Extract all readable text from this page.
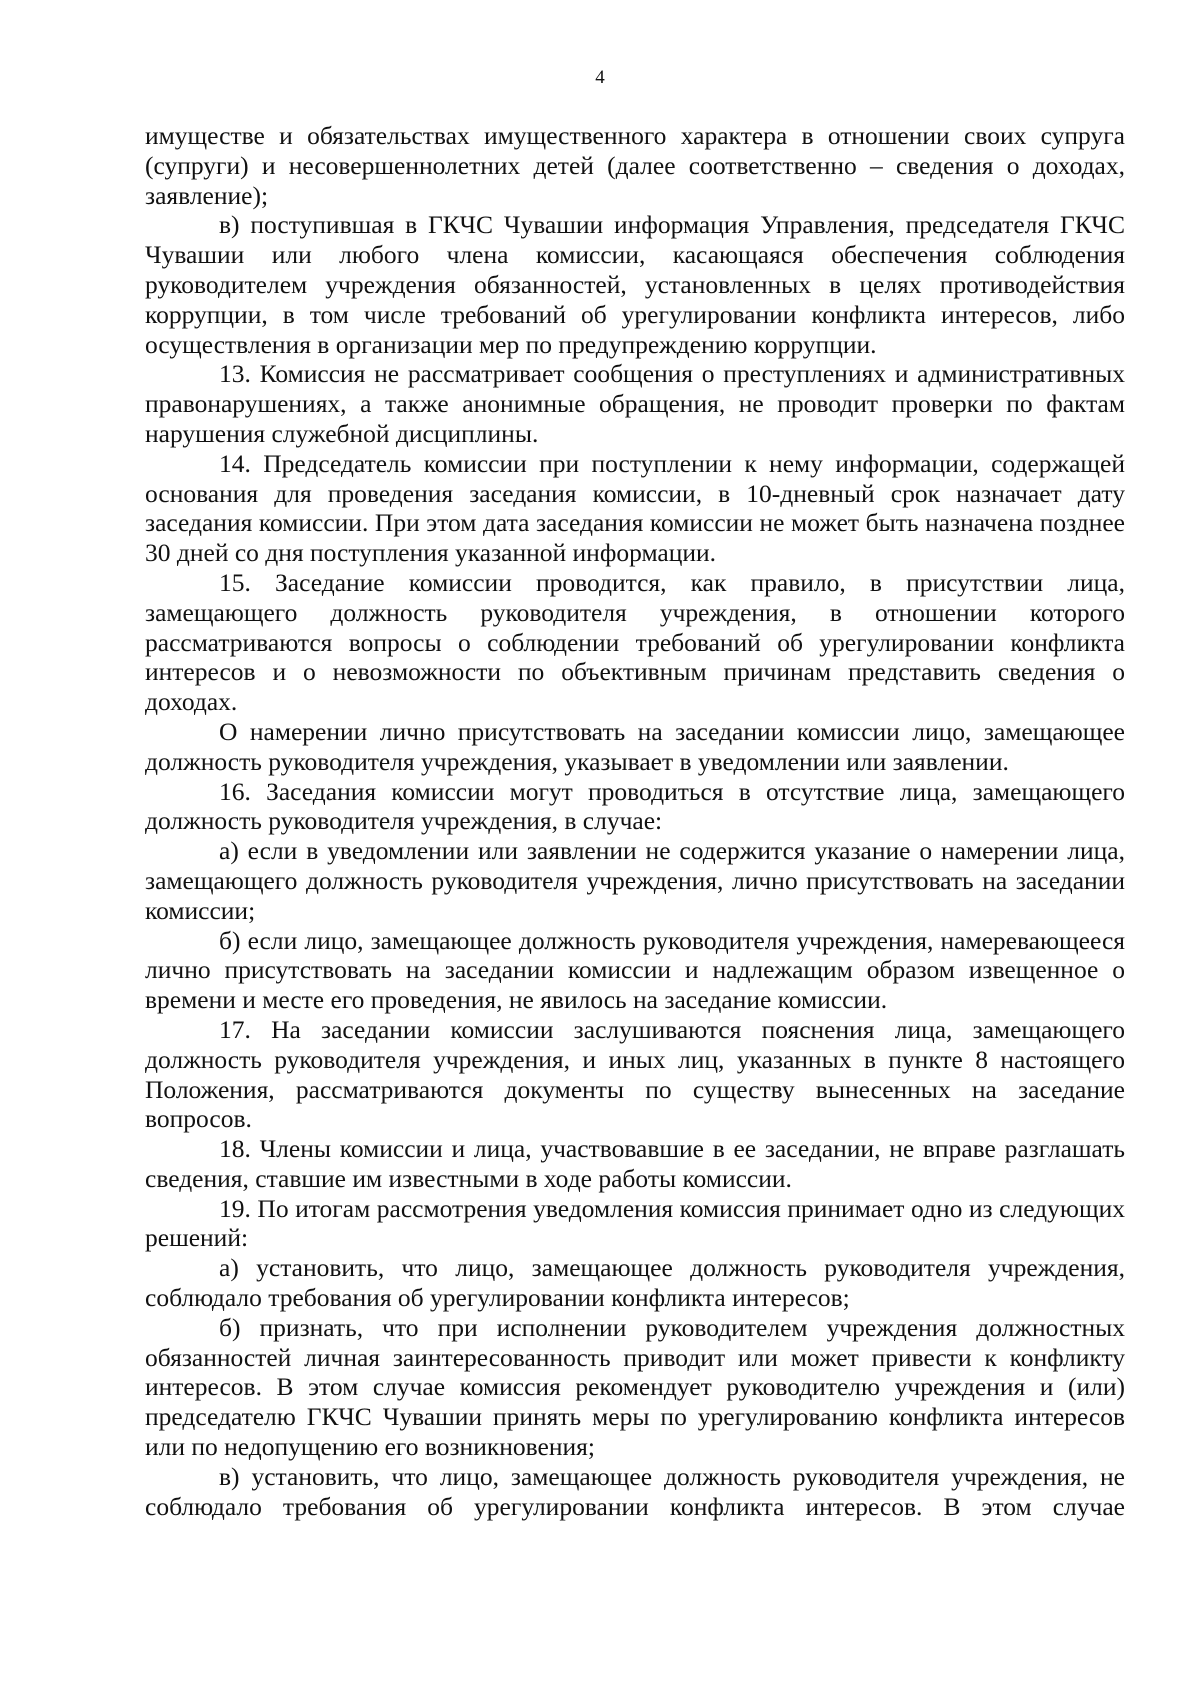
4

имуществе и обязательствах имущественного характера в отношении своих супруга (супруги) и несовершеннолетних детей (далее соответственно – сведения о доходах, заявление);

в) поступившая в ГКЧС Чувашии информация Управления, председателя ГКЧС Чувашии или любого члена комиссии, касающаяся обеспечения соблюдения руководителем учреждения обязанностей, установленных в целях противодействия коррупции, в том числе требований об урегулировании конфликта интересов, либо осуществления в организации мер по предупреждению коррупции.

13. Комиссия не рассматривает сообщения о преступлениях и административных правонарушениях, а также анонимные обращения, не проводит проверки по фактам нарушения служебной дисциплины.

14. Председатель комиссии при поступлении к нему информации, содержащей основания для проведения заседания комиссии, в 10-дневный срок назначает дату заседания комиссии. При этом дата заседания комиссии не может быть назначена позднее 30 дней со дня поступления указанной информации.

15. Заседание комиссии проводится, как правило, в присутствии лица, замещающего должность руководителя учреждения, в отношении которого рассматриваются вопросы о соблюдении требований об урегулировании конфликта интересов и о невозможности по объективным причинам представить сведения о доходах.

О намерении лично присутствовать на заседании комиссии лицо, замещающее должность руководителя учреждения, указывает в уведомлении или заявлении.

16. Заседания комиссии могут проводиться в отсутствие лица, замещающего должность руководителя учреждения, в случае:

а) если в уведомлении или заявлении не содержится указание о намерении лица, замещающего должность руководителя учреждения, лично присутствовать на заседании комиссии;

б) если лицо, замещающее должность руководителя учреждения, намеревающееся лично присутствовать на заседании комиссии и надлежащим образом извещенное о времени и месте его проведения, не явилось на заседание комиссии.

17. На заседании комиссии заслушиваются пояснения лица, замещающего должность руководителя учреждения, и иных лиц, указанных в пункте 8 настоящего Положения, рассматриваются документы по существу вынесенных на заседание вопросов.

18. Члены комиссии и лица, участвовавшие в ее заседании, не вправе разглашать сведения, ставшие им известными в ходе работы комиссии.

19. По итогам рассмотрения уведомления комиссия принимает одно из следующих решений:

а) установить, что лицо, замещающее должность руководителя учреждения, соблюдало требования об урегулировании конфликта интересов;

б) признать, что при исполнении руководителем учреждения должностных обязанностей личная заинтересованность приводит или может привести к конфликту интересов. В этом случае комиссия рекомендует руководителю учреждения и (или) председателю ГКЧС Чувашии принять меры по урегулированию конфликта интересов или по недопущению его возникновения;

в) установить, что лицо, замещающее должность руководителя учреждения, не соблюдало требования об урегулировании конфликта интересов. В этом случае
